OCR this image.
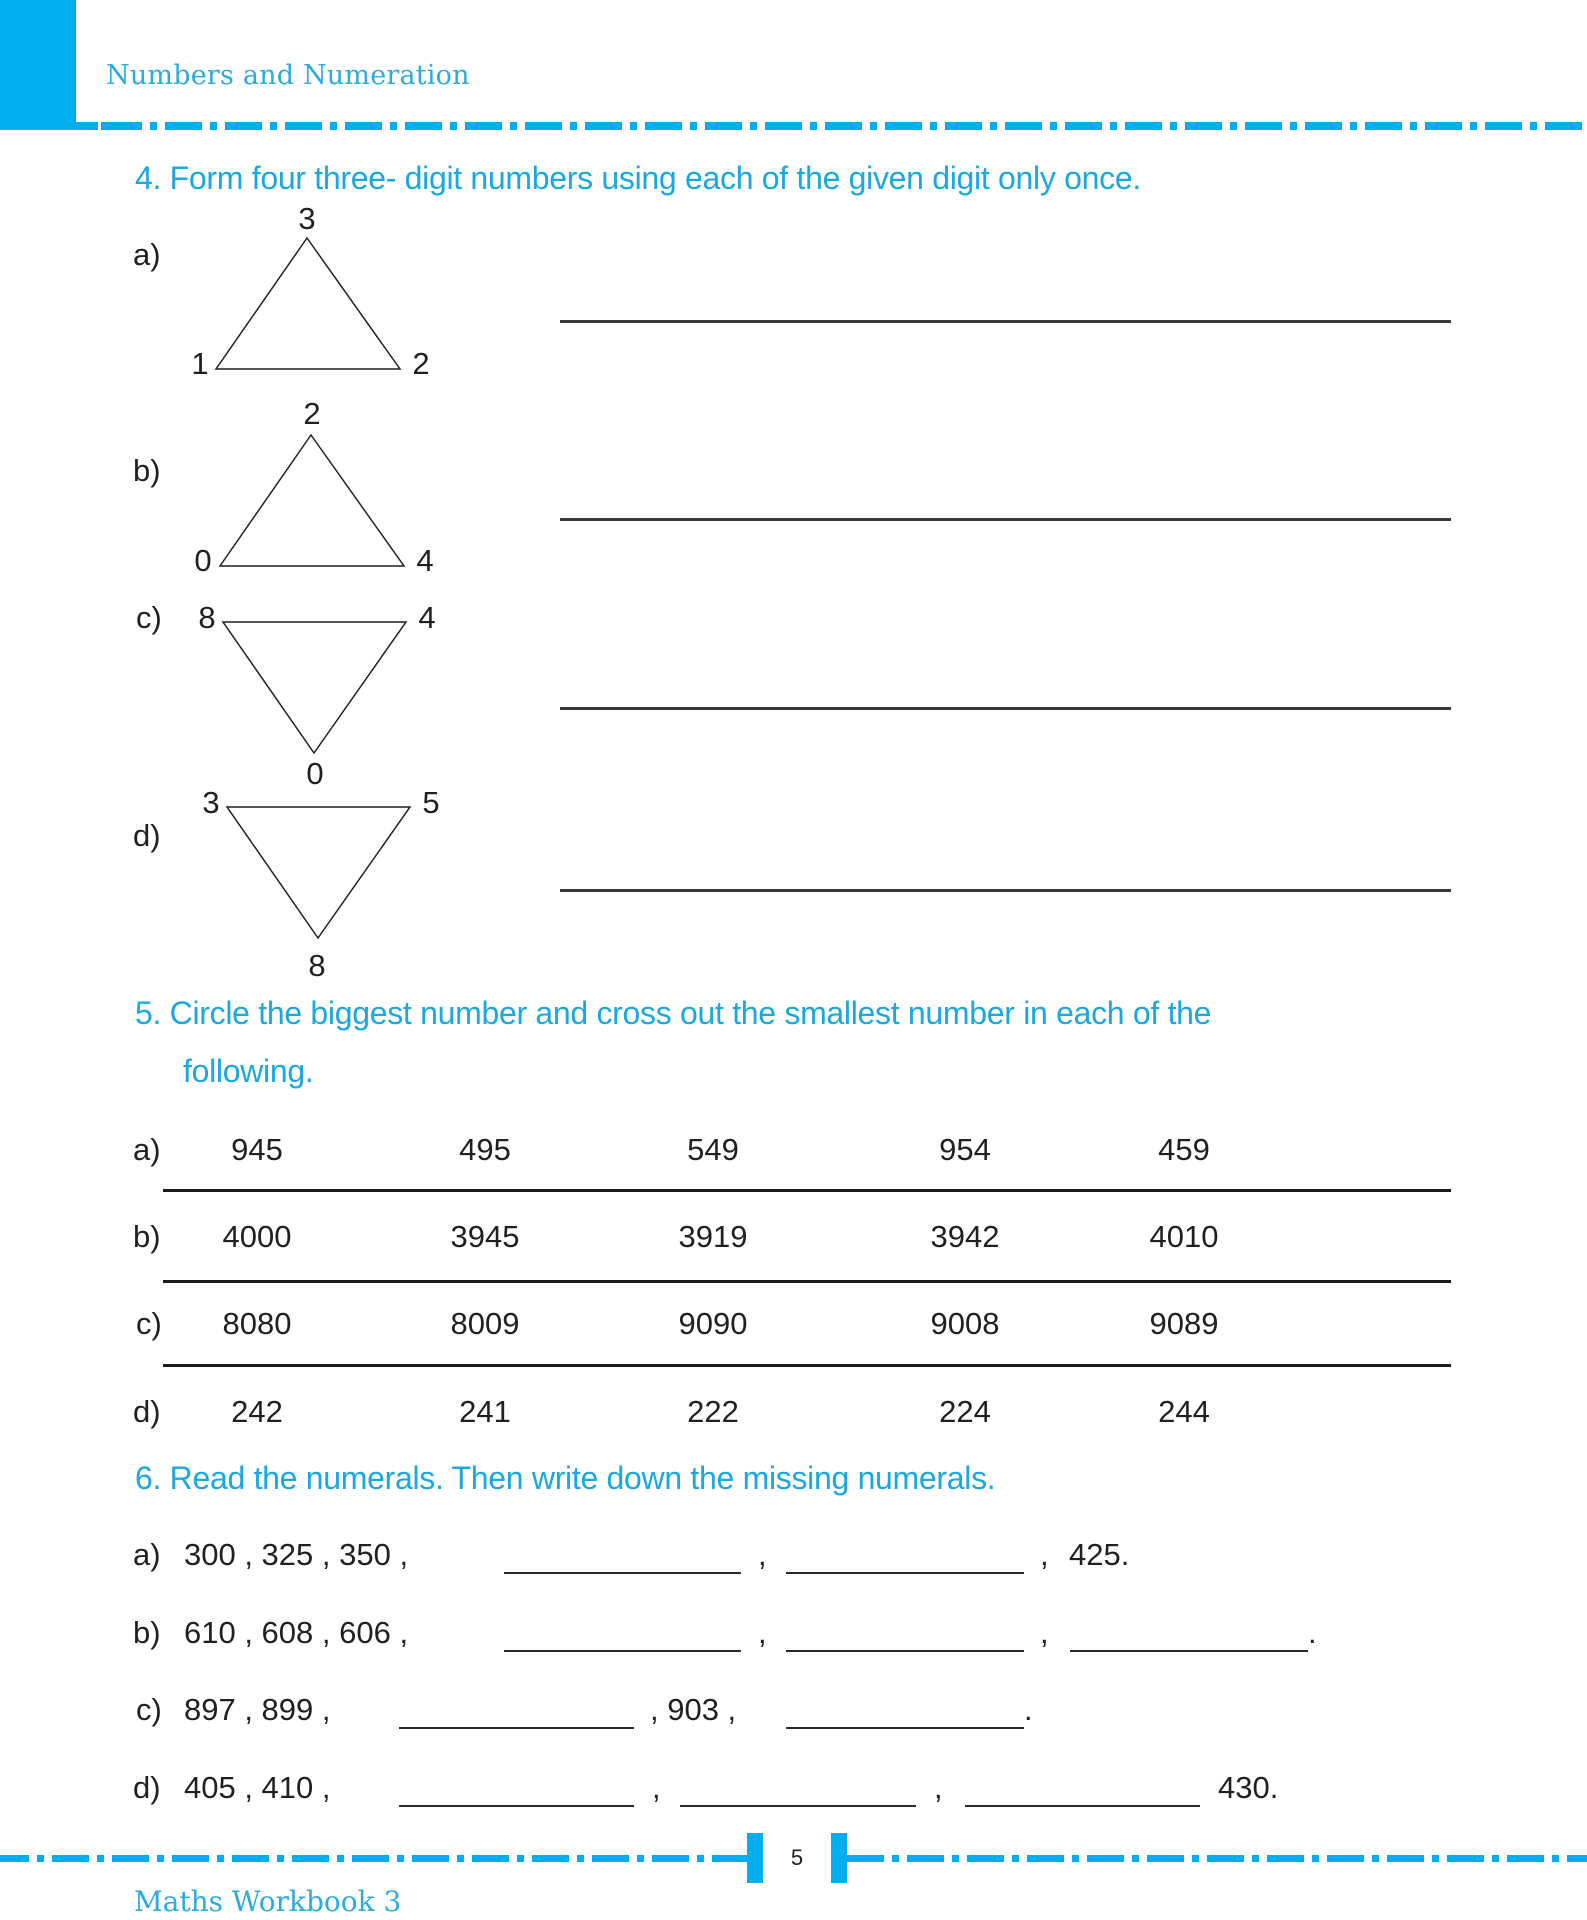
Numbers and Numeration
4. Form four three- digit numbers using each of the given digit only once.
a)
b)
c)
d)
3
1	2
2
0	4
8	4
0
3	5
8
5. Circle the biggest number and cross out the smallest number in each of the
following.
a) 945	495	549	954	459
b) 4000	3945	3919	3942	4010
c) 8080	8009	9090	9008	9089
d) 242	241	222	224	244
6. Read the numerals. Then write down the missing numerals.
a) 300 , 325 , 350 ,	,	, 425.
b) 610 , 608 , 606 ,	,	,	.
c) 897 , 899 ,	, 903 ,	.
d) 405 , 410 ,	,	,	430.
5
Maths Workbook 3
